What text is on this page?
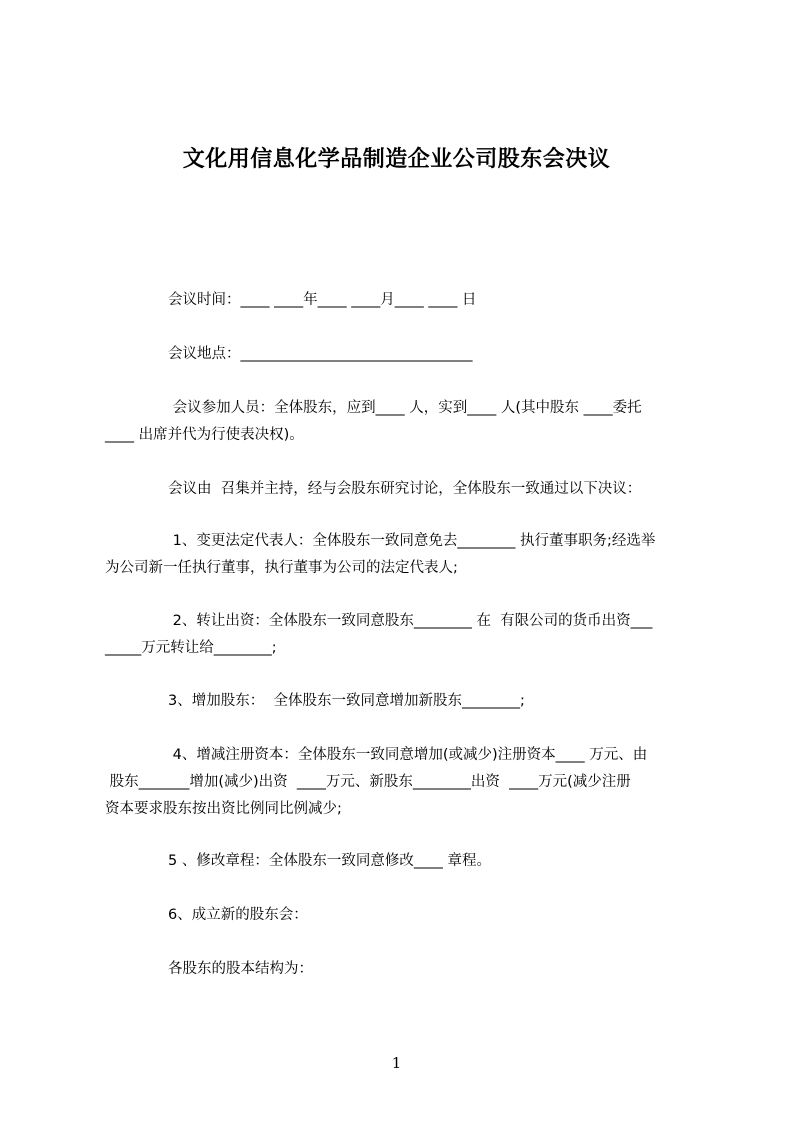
文化用信息化学品制造企业公司股东会决议
会议时间：____ ____年____ ____月____ ____ 日
会议地点：________________________________
会议参加人员：全体股东，应到____ 人，实到____ 人(其中股东 ____委托
____ 出席并代为行使表决权)。
会议由  召集并主持，经与会股东研究讨论，全体股东一致通过以下决议：
1、变更法定代表人：全体股东一致同意免去________ 执行董事职务;经选举
为公司新一任执行董事，执行董事为公司的法定代表人;
2、转让出资：全体股东一致同意股东________ 在  有限公司的货币出资___
_____万元转让给________;
3、增加股东：  全体股东一致同意增加新股东________;
4、增减注册资本：全体股东一致同意增加(或减少)注册资本____ 万元、由
股东_______增加(减少)出资  ____万元、新股东________出资  ____万元(减少注册
资本要求股东按出资比例同比例减少;
5 、修改章程：全体股东一致同意修改____ 章程。
6、成立新的股东会：
各股东的股本结构为：
1
